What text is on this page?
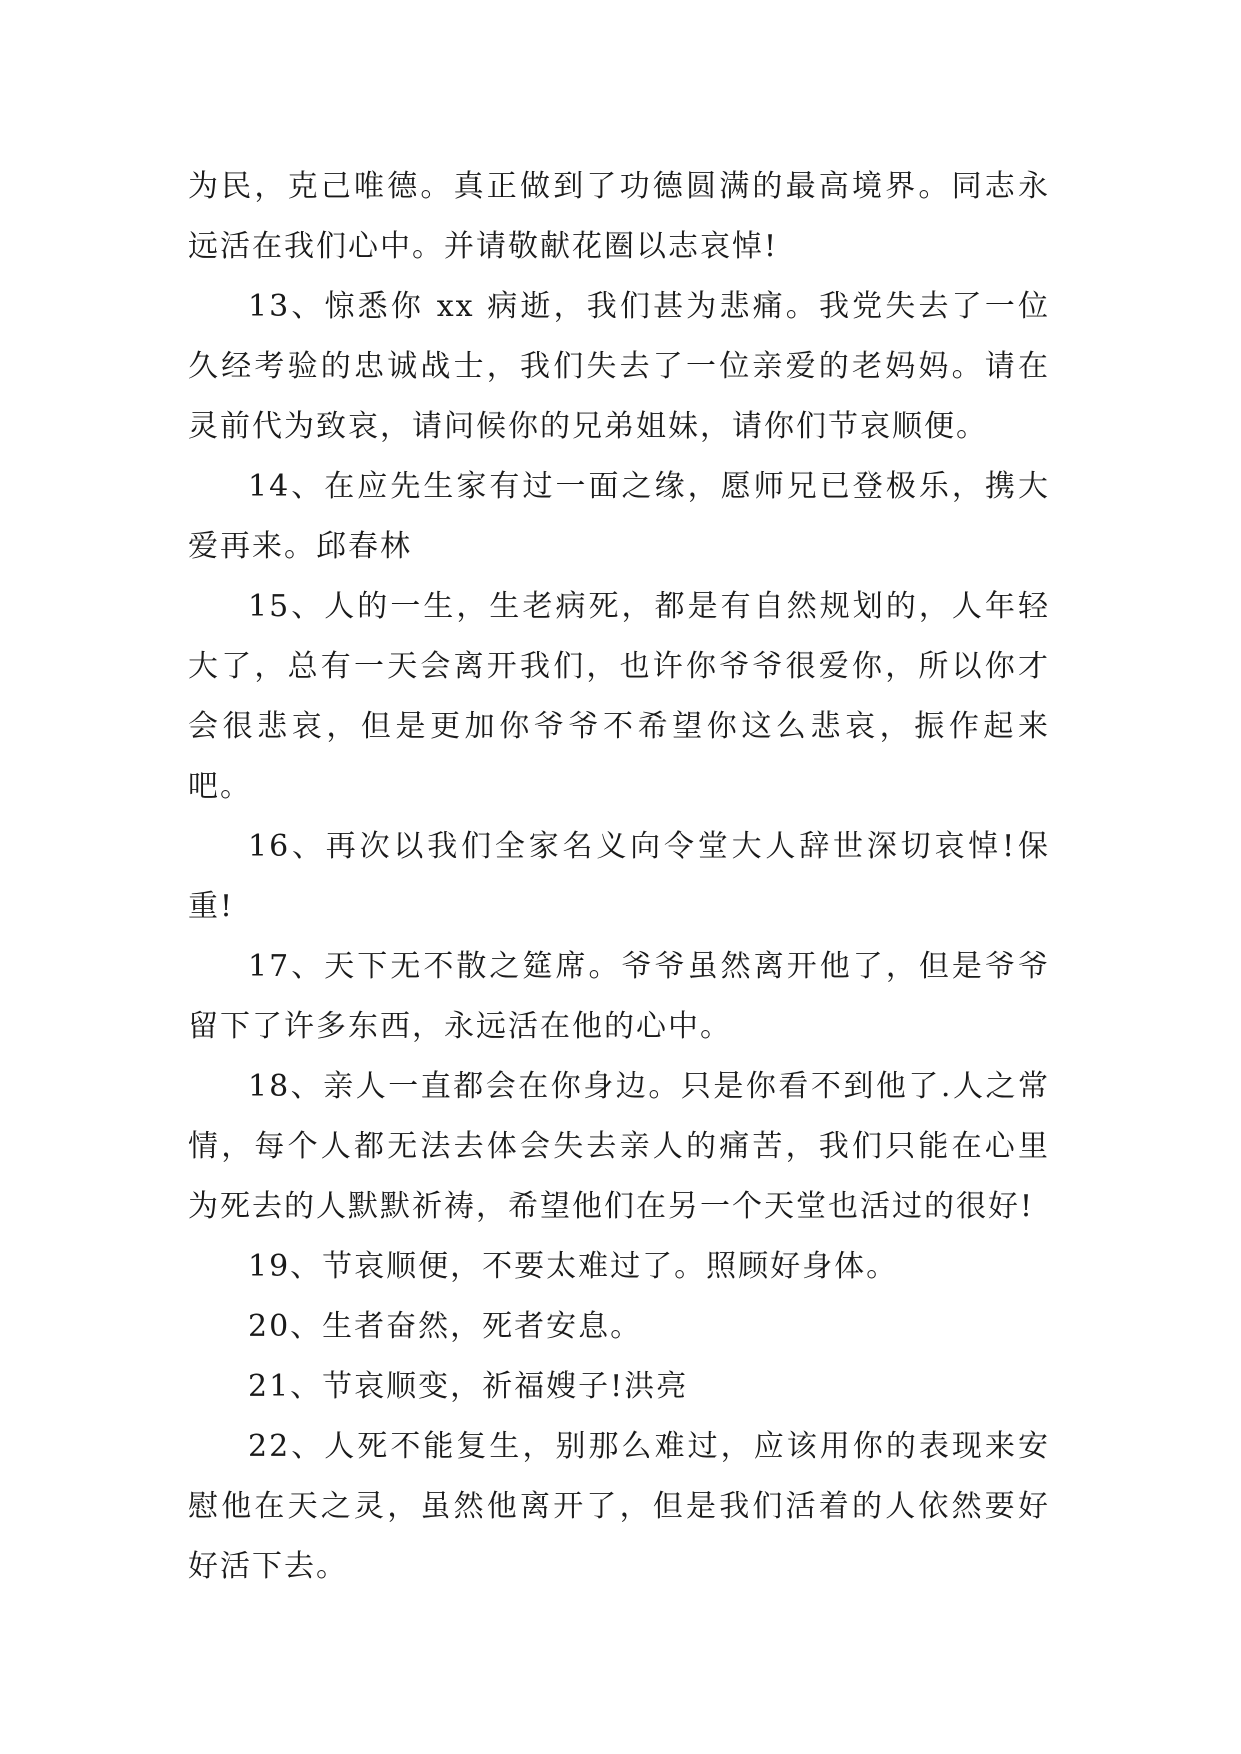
为民，克己唯德。真正做到了功德圆满的最高境界。同志永远活在我们心中。并请敬献花圈以志哀悼!

13、惊悉你 xx 病逝，我们甚为悲痛。我党失去了一位久经考验的忠诚战士，我们失去了一位亲爱的老妈妈。请在灵前代为致哀，请问候你的兄弟姐妹，请你们节哀顺便。

14、在应先生家有过一面之缘，愿师兄已登极乐，携大爱再来。邱春林

15、人的一生，生老病死，都是有自然规划的，人年轻大了，总有一天会离开我们，也许你爷爷很爱你，所以你才会很悲哀，但是更加你爷爷不希望你这么悲哀，振作起来吧。

16、再次以我们全家名义向令堂大人辞世深切哀悼!保重!

17、天下无不散之筵席。爷爷虽然离开他了，但是爷爷留下了许多东西，永远活在他的心中。

18、亲人一直都会在你身边。只是你看不到他了.人之常情，每个人都无法去体会失去亲人的痛苦，我们只能在心里为死去的人默默祈祷，希望他们在另一个天堂也活过的很好!

19、节哀顺便，不要太难过了。照顾好身体。

20、生者奋然，死者安息。

21、节哀顺变，祈福嫂子!洪亮

22、人死不能复生，别那么难过，应该用你的表现来安慰他在天之灵，虽然他离开了，但是我们活着的人依然要好好活下去。
